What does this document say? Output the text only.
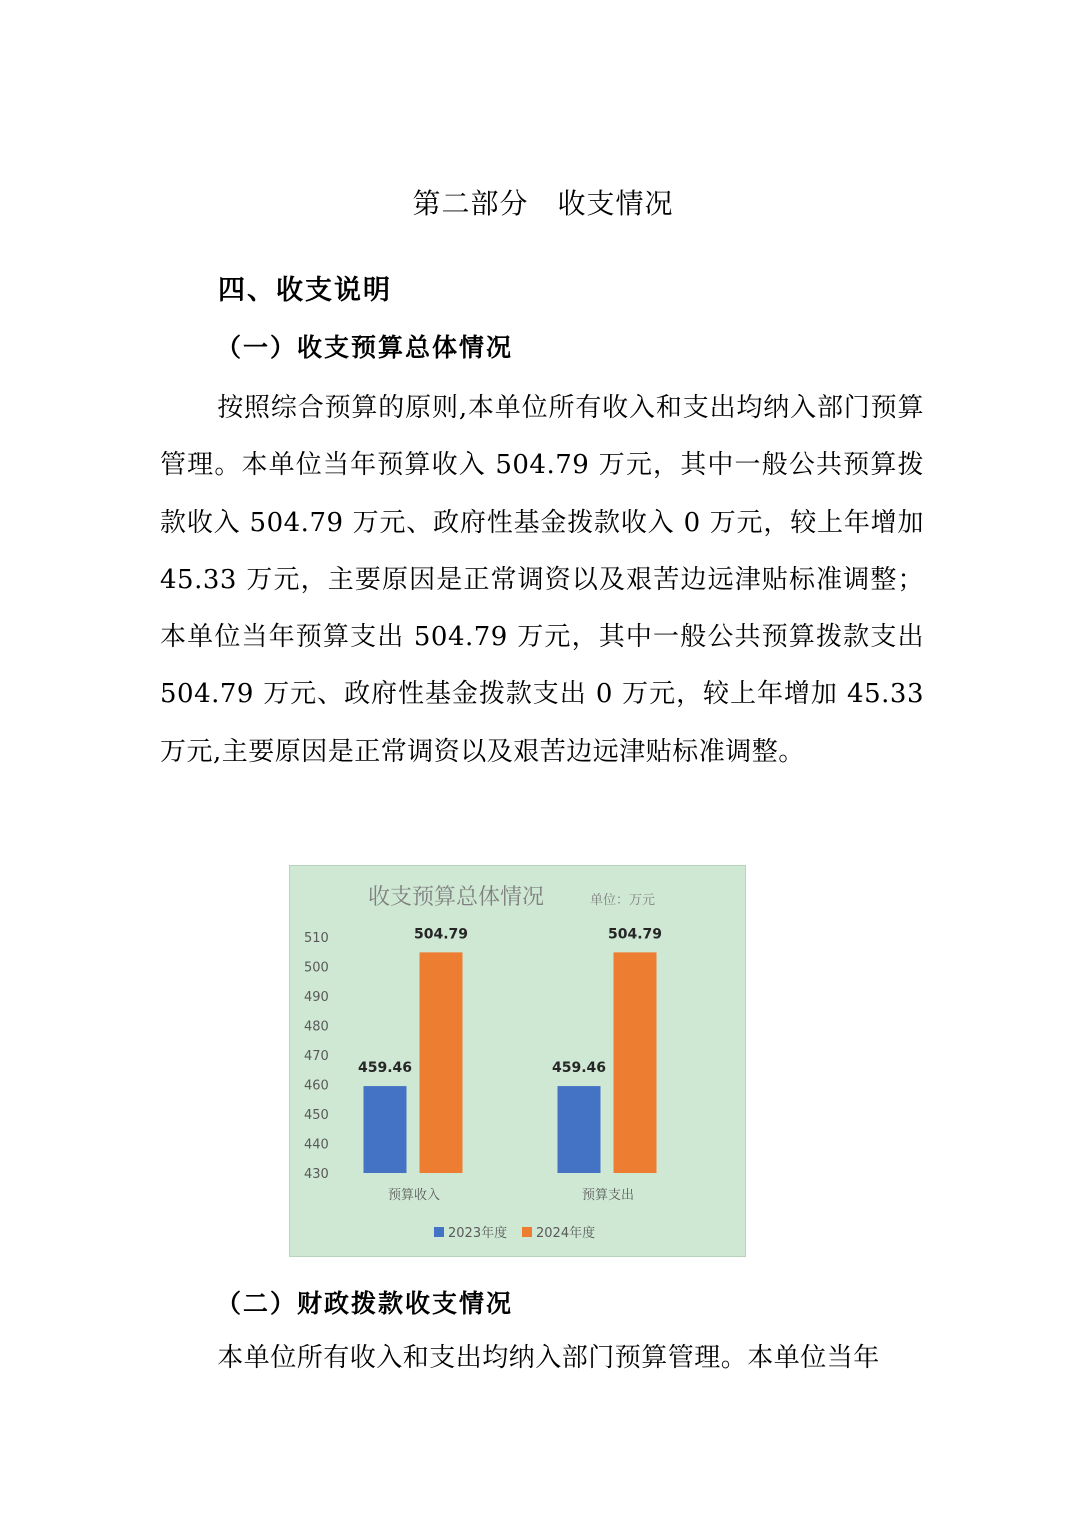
第二部分　收支情况
四、收支说明
（一）收支预算总体情况

按照综合预算的原则,本单位所有收入和支出均纳入部门预算管理。本单位当年预算收入 504.79 万元，其中一般公共预算拨款收入 504.79 万元、政府性基金拨款收入 0 万元，较上年增加 45.33 万元，主要原因是正常调资以及艰苦边远津贴标准调整；本单位当年预算支出 504.79 万元，其中一般公共预算拨款支出 504.79 万元、政府性基金拨款支出 0 万元，较上年增加 45.33 万元,主要原因是正常调资以及艰苦边远津贴标准调整。

收支预算总体情况	单位：万元
430
440
450
460
470
480
490
500
510
459.46
504.79
预算收入
459.46
504.79
预算支出
2023年度 2024年度
（二）财政拨款收支情况

本单位所有收入和支出均纳入部门预算管理。本单位当年
